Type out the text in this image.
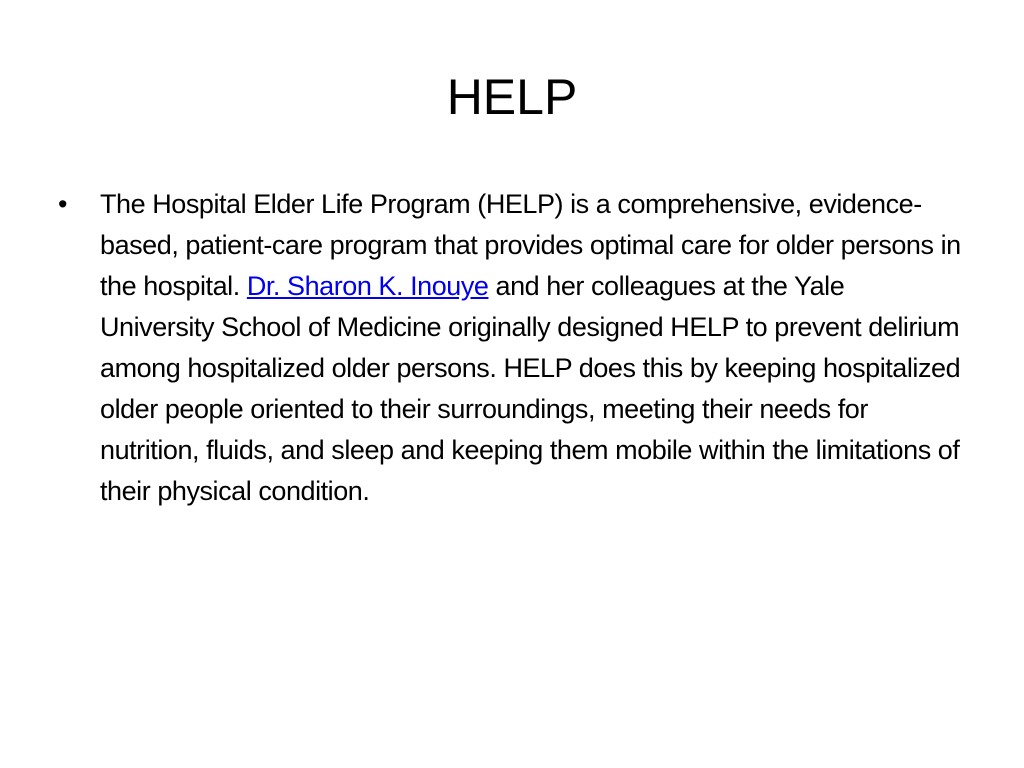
HELP
• The Hospital Elder Life Program (HELP) is a comprehensive, evidence-based, patient-care program that provides optimal care for older persons in the hospital. Dr. Sharon K. Inouye and her colleagues at the Yale University School of Medicine originally designed HELP to prevent delirium among hospitalized older persons. HELP does this by keeping hospitalized older people oriented to their surroundings, meeting their needs for nutrition, fluids, and sleep and keeping them mobile within the limitations of their physical condition.
